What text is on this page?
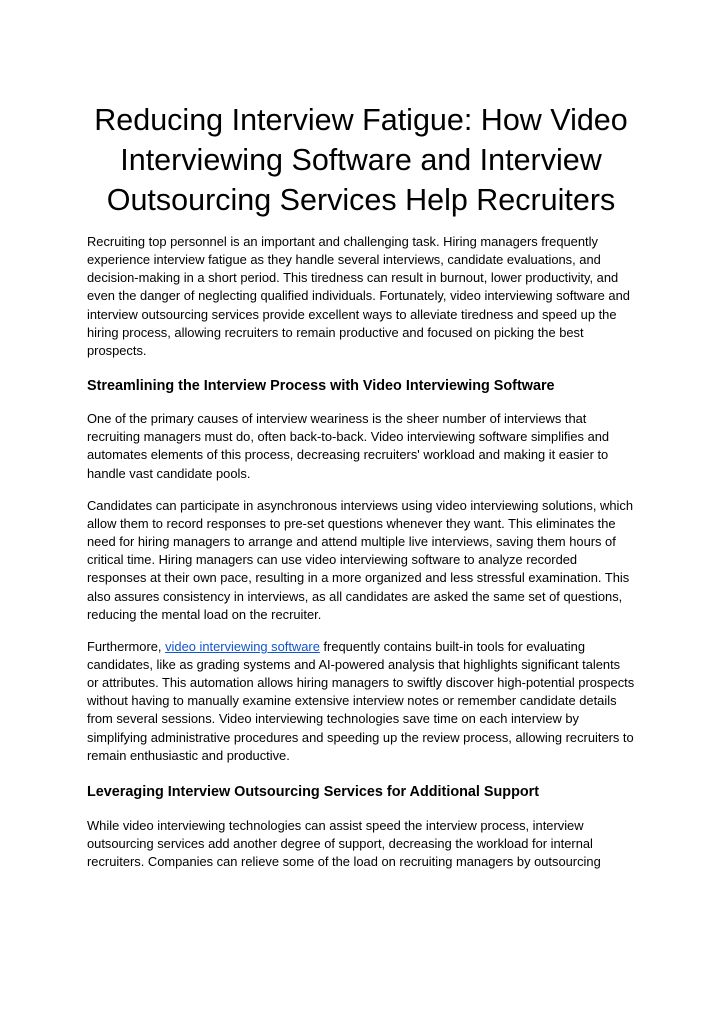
Reducing Interview Fatigue: How Video Interviewing Software and Interview Outsourcing Services Help Recruiters

Recruiting top personnel is an important and challenging task. Hiring managers frequently experience interview fatigue as they handle several interviews, candidate evaluations, and decision-making in a short period. This tiredness can result in burnout, lower productivity, and even the danger of neglecting qualified individuals. Fortunately, video interviewing software and interview outsourcing services provide excellent ways to alleviate tiredness and speed up the hiring process, allowing recruiters to remain productive and focused on picking the best prospects.

Streamlining the Interview Process with Video Interviewing Software

One of the primary causes of interview weariness is the sheer number of interviews that recruiting managers must do, often back-to-back. Video interviewing software simplifies and automates elements of this process, decreasing recruiters' workload and making it easier to handle vast candidate pools.

Candidates can participate in asynchronous interviews using video interviewing solutions, which allow them to record responses to pre-set questions whenever they want. This eliminates the need for hiring managers to arrange and attend multiple live interviews, saving them hours of critical time. Hiring managers can use video interviewing software to analyze recorded responses at their own pace, resulting in a more organized and less stressful examination. This also assures consistency in interviews, as all candidates are asked the same set of questions, reducing the mental load on the recruiter.

Furthermore, video interviewing software frequently contains built-in tools for evaluating candidates, like as grading systems and AI-powered analysis that highlights significant talents or attributes. This automation allows hiring managers to swiftly discover high-potential prospects without having to manually examine extensive interview notes or remember candidate details from several sessions. Video interviewing technologies save time on each interview by simplifying administrative procedures and speeding up the review process, allowing recruiters to remain enthusiastic and productive.

Leveraging Interview Outsourcing Services for Additional Support

While video interviewing technologies can assist speed the interview process, interview outsourcing services add another degree of support, decreasing the workload for internal recruiters. Companies can relieve some of the load on recruiting managers by outsourcing
